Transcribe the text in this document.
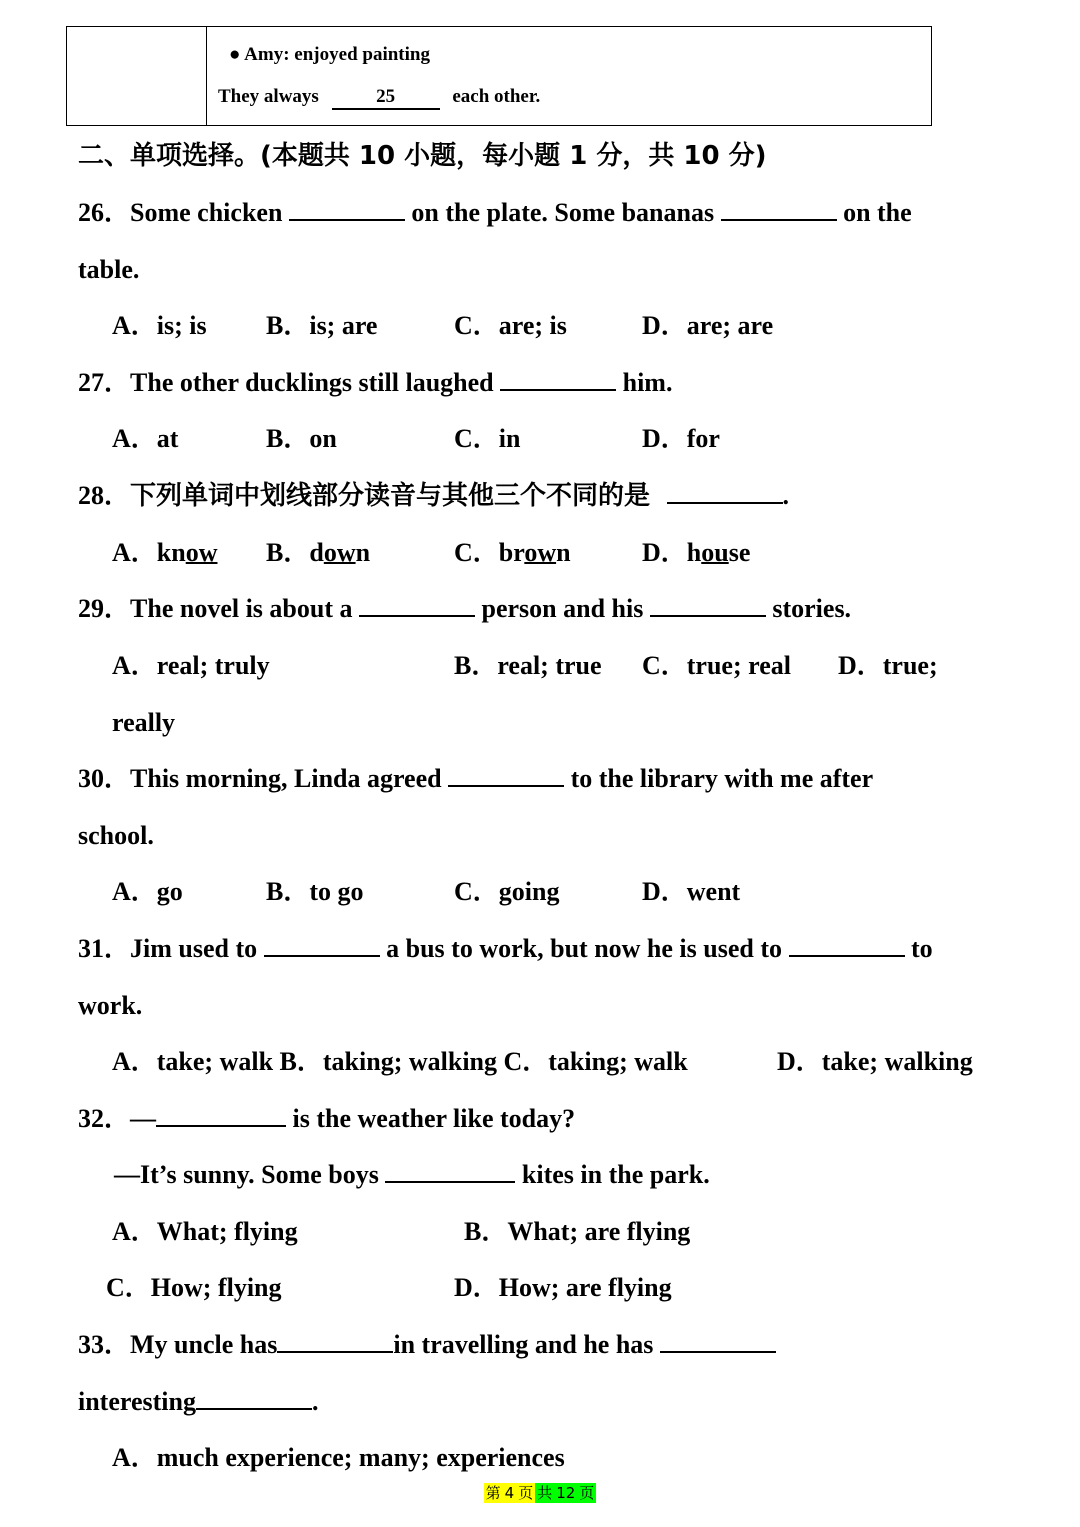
● Amy: enjoyed painting
They always	25	each other.
二、单项选择。(本题共 10 小题，每小题 1 分，共 10 分)
26．Some chicken	on the plate. Some bananas	on the
table.
A．is; is B．is; are	C．are; is	D．are; are
27．The other ducklings still laughed	him.
A．at	B．on	C．in	D．for
28．下列单词中划线部分读音与其他三个不同的是	.
A．know B．down	C．brown	D．house
29．The novel is about a	person and his	stories.
A．real; truly	B．real; true C．true; real D．true;
really
30．This morning, Linda agreed	to the library with me after
school.
A．go	B．to go	C．going	D．went
31．Jim used to	a bus to work, but now he is used to	to
work.
A．take; walk B．taking; walking C．taking; walk	D．take; walking
32．—	is the weather like today?
—It’s sunny. Some boys	kites in the park.
A．What; flying	B．What; are flying
C．How; flying	D．How; are flying
33．My uncle has	in travelling and he has
interesting	.
A．much experience; many; experiences
第 4 页 共 12 页
